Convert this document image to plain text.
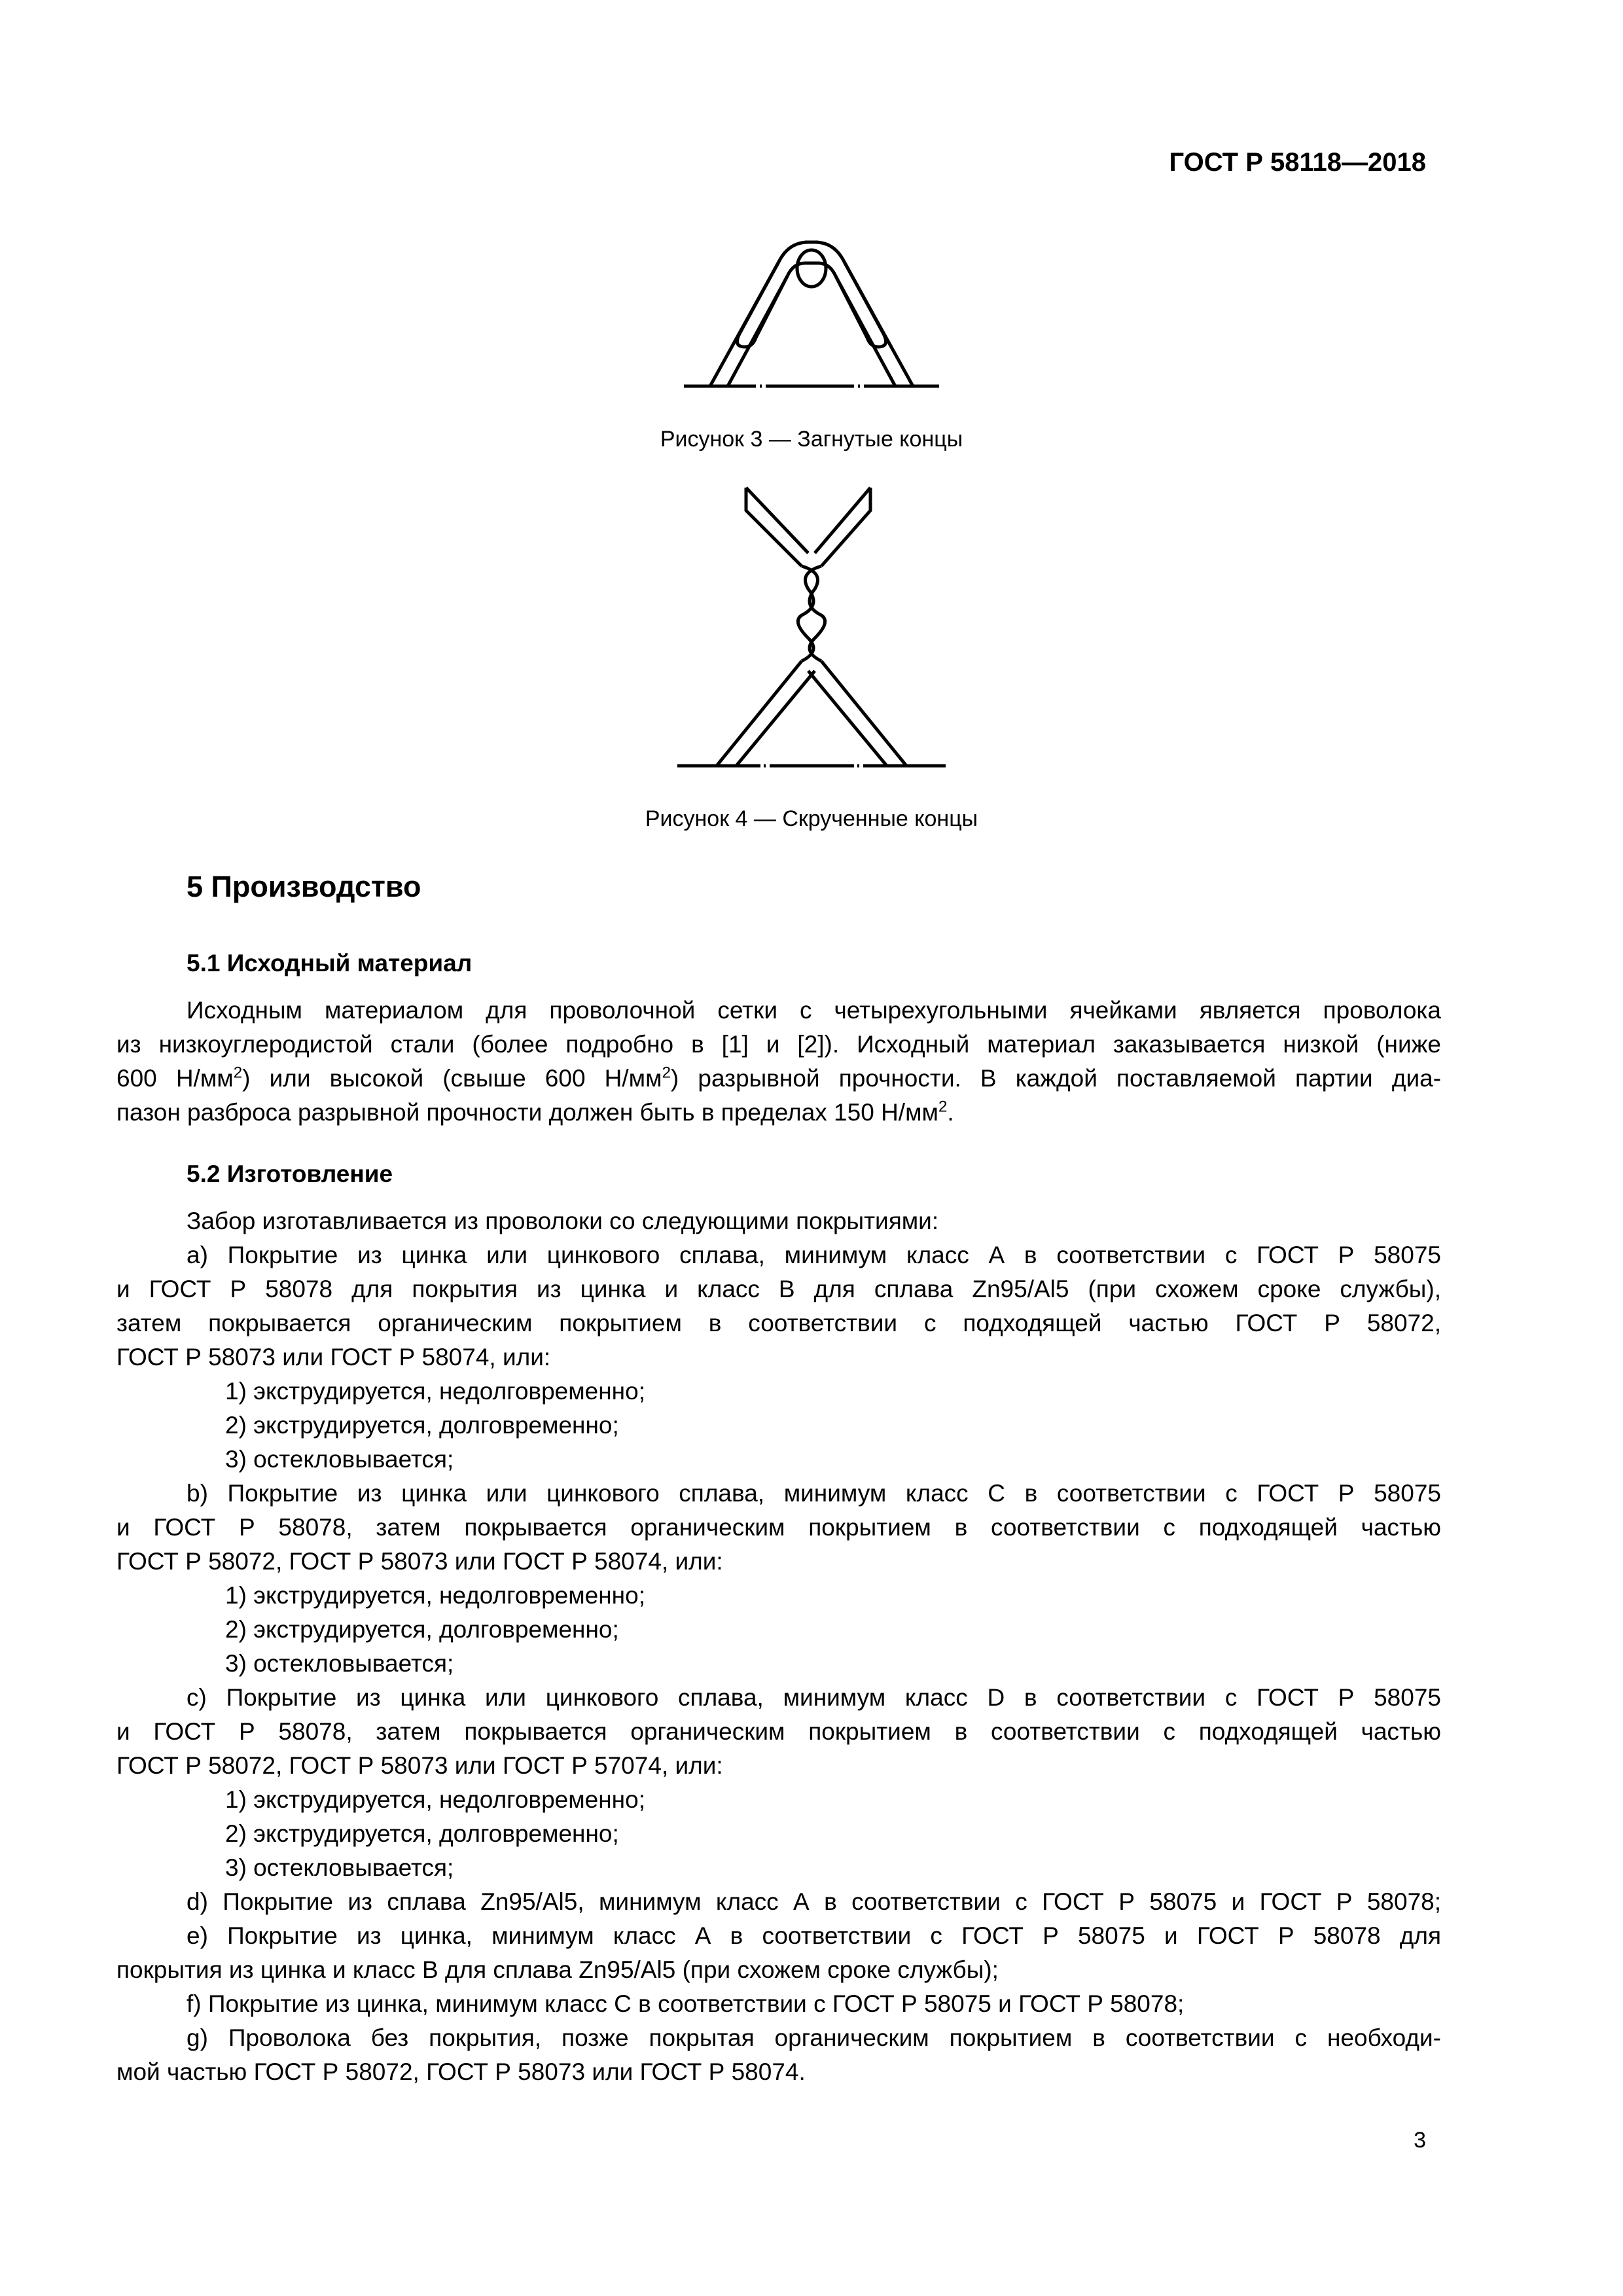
ГОСТ Р 58118—2018
Рисунок 3 — Загнутые концы
Рисунок 4 — Скрученные концы
5 Производство
5.1 Исходный материал

Исходным материалом для проволочной сетки с четырехугольными ячейками является проволока

из низкоуглеродистой стали (более подробно в [1] и [2]). Исходный материал заказывается низкой (ниже

600 $Н/мм^2$) или высокой (свыше 600 $Н/мм^2$) разрывной прочности. В каждой поставляемой партии диа-

пазон разброса разрывной прочности должен быть в пределах 150 $Н/мм^2$.

5.2 Изготовление

Забор изготавливается из проволоки со следующими покрытиями:

a) Покрытие из цинка или цинкового сплава, минимум класс А в соответствии с ГОСТ Р 58075

и ГОСТ Р 58078 для покрытия из цинка и класс В для сплава Zn95/Al5 (при схожем сроке службы),

затем покрывается органическим покрытием в соответствии с подходящей частью ГОСТ Р 58072,

ГОСТ Р 58073 или ГОСТ Р 58074, или:

1) экструдируется, недолговременно;

2) экструдируется, долговременно;

3) остекловывается;

b) Покрытие из цинка или цинкового сплава, минимум класс С в соответствии с ГОСТ Р 58075

и ГОСТ Р 58078, затем покрывается органическим покрытием в соответствии с подходящей частью

ГОСТ Р 58072, ГОСТ Р 58073 или ГОСТ Р 58074, или:

1) экструдируется, недолговременно;

2) экструдируется, долговременно;

3) остекловывается;

c) Покрытие из цинка или цинкового сплава, минимум класс D в соответствии с ГОСТ Р 58075

и ГОСТ Р 58078, затем покрывается органическим покрытием в соответствии с подходящей частью

ГОСТ Р 58072, ГОСТ Р 58073 или ГОСТ Р 57074, или:

1) экструдируется, недолговременно;

2) экструдируется, долговременно;

3) остекловывается;

d) Покрытие из сплава Zn95/Al5, минимум класс А в соответствии с ГОСТ Р 58075 и ГОСТ Р 58078;

e) Покрытие из цинка, минимум класс А в соответствии с ГОСТ Р 58075 и ГОСТ Р 58078 для

покрытия из цинка и класс В для сплава Zn95/Al5 (при схожем сроке службы);

f) Покрытие из цинка, минимум класс С в соответствии с ГОСТ Р 58075 и ГОСТ Р 58078;

g) Проволока без покрытия, позже покрытая органическим покрытием в соответствии с необходи-

мой частью ГОСТ Р 58072, ГОСТ Р 58073 или ГОСТ Р 58074.

3
